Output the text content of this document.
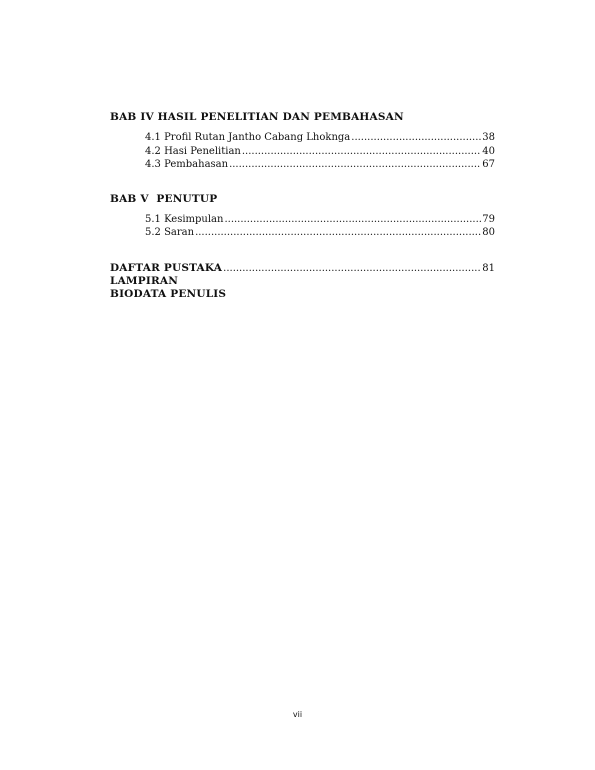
BAB IV HASIL PENELITIAN DAN PEMBAHASAN
4.1 Profil Rutan Jantho Cabang Lhoknga .....	38
4.2 Hasi Penelitian .....	40
4.3 Pembahasan .....	67
BAB V  PENUTUP
5.1 Kesimpulan .....	79
5.2 Saran .....	80
DAFTAR PUSTAKA .....	81
LAMPIRAN
BIODATA PENULIS
vii
